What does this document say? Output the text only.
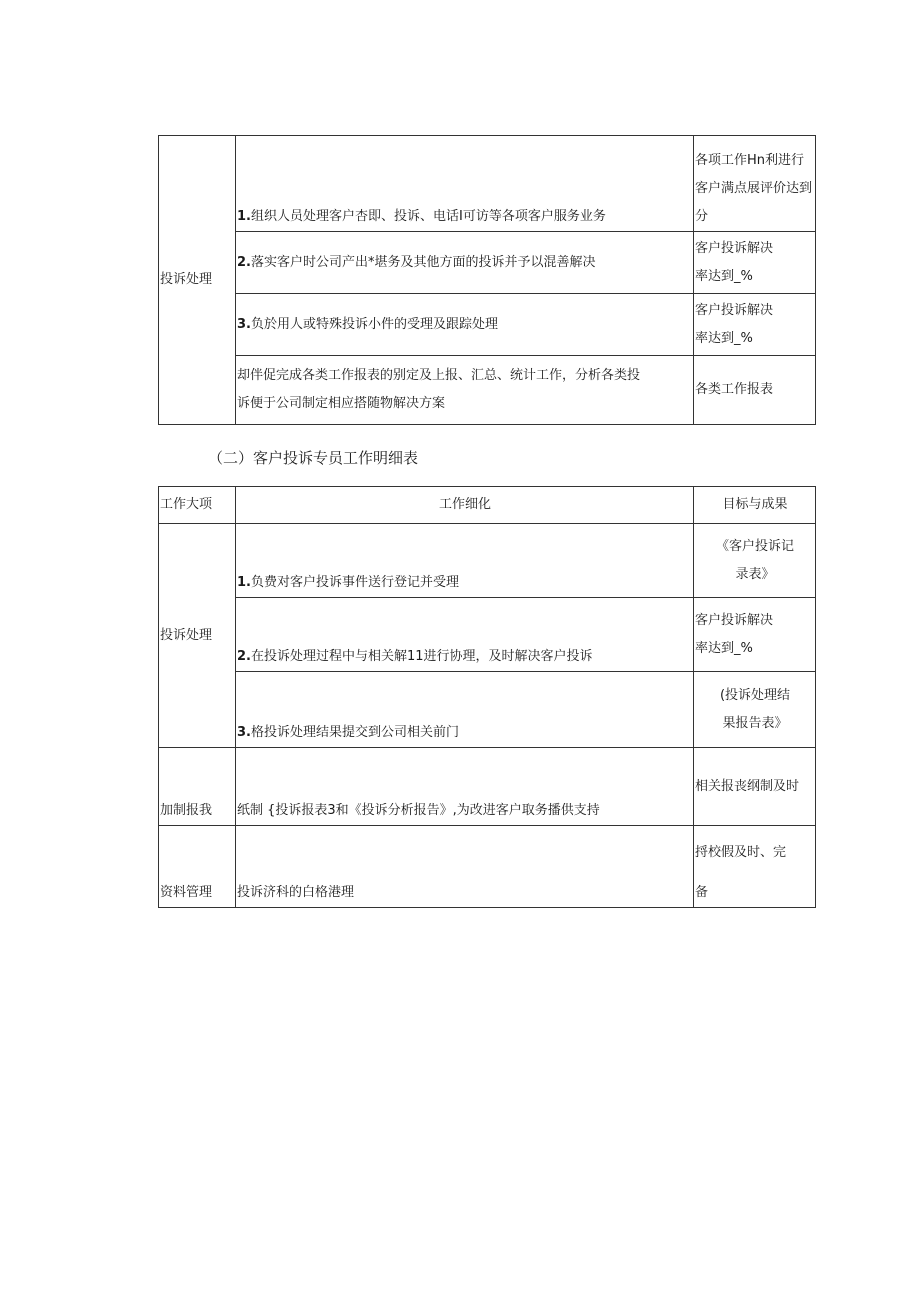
投诉处理	1.组织人员处理客户杏即、投诉、电话I可访等各项客户服务业务	各项工作Hn利进行
客户满点展评价达到
分

	2.落实客户时公司产出*堪务及其他方面的投诉并予以混善解决	客户投诉解决
率达到_%

	3.负於用人或特殊投诉小件的受理及跟踪处理	客户投诉解决
率达到_%

	却伴促完成各类工作报表的别定及上报、汇总、统计工作，分析各类投
诉便于公司制定相应搭随物解决方案	各类工作报表
（二）客户投诉专员工作明细表
工作大项	工作细化	目标与成果
投诉处理	1.负费对客户投诉事件送行登记并受理	《客户投诉记
录表》

	2.在投诉处理过程中与相关解11进行协理，及时解决客户投诉	客户投诉解决
率达到_%

	3.格投诉处理结果提交到公司相关前门	(投诉处理结
果报告表》

加制报我	纸制 {投诉报表3和《投诉分析报告》,为改进客户取务播供支持	相关报丧纲制及时
资料管理	投诉济科的白格港理	捋校假及时、完
备
